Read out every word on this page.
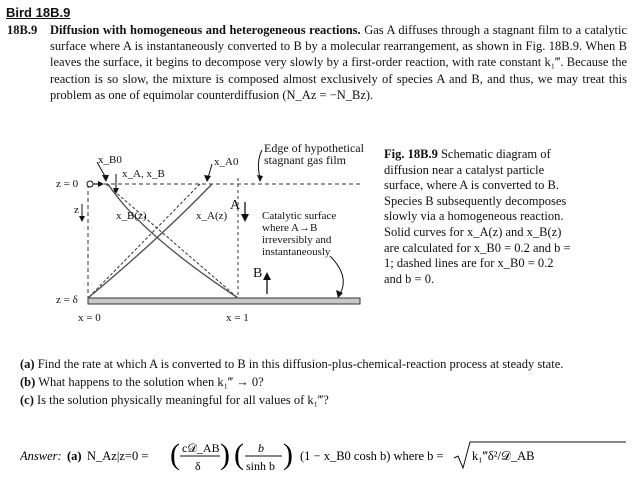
Bird 18B.9
18B.9 Diffusion with homogeneous and heterogeneous reactions. Gas A diffuses through a stagnant film to a catalytic surface where A is instantaneously converted to B by a molecular rearrangement, as shown in Fig. 18B.9. When B leaves the surface, it begins to decompose very slowly by a first-order reaction, with rate constant k₁‴. Because the reaction is so slow, the mixture is composed almost exclusively of species A and B, and thus, we may treat this problem as one of equimolar counterdiffusion (N_Az = −N_Bz).
x_B0
x_A, x_B
z = 0
z
z = δ
x_B(z)	x_A(z)
x_A0
A
B
x = 0	x = 1
Edge of hypothetical stagnant gas film
Catalytic surface where A→B irreversibly and instantaneously
Fig. 18B.9 Schematic diagram of diffusion near a catalyst particle surface, where A is converted to B. Species B subsequently decomposes slowly via a homogeneous reaction. Solid curves for x_A(z) and x_B(z) are calculated for x_B0 = 0.2 and b = 1; dashed lines are for x_B0 = 0.2 and b = 0.
(a) Find the rate at which A is converted to B in this diffusion-plus-chemical-reaction process at steady state.
(b) What happens to the solution when k₁‴ → 0?
(c) Is the solution physically meaningful for all values of k₁‴?
Answer: (a) N_Az|z=0 = ( c𝒟_AB
δ ) ( b
sinh b ) (1 − x_B0 cosh b) where b = k₁‴δ²/𝒟_AB
